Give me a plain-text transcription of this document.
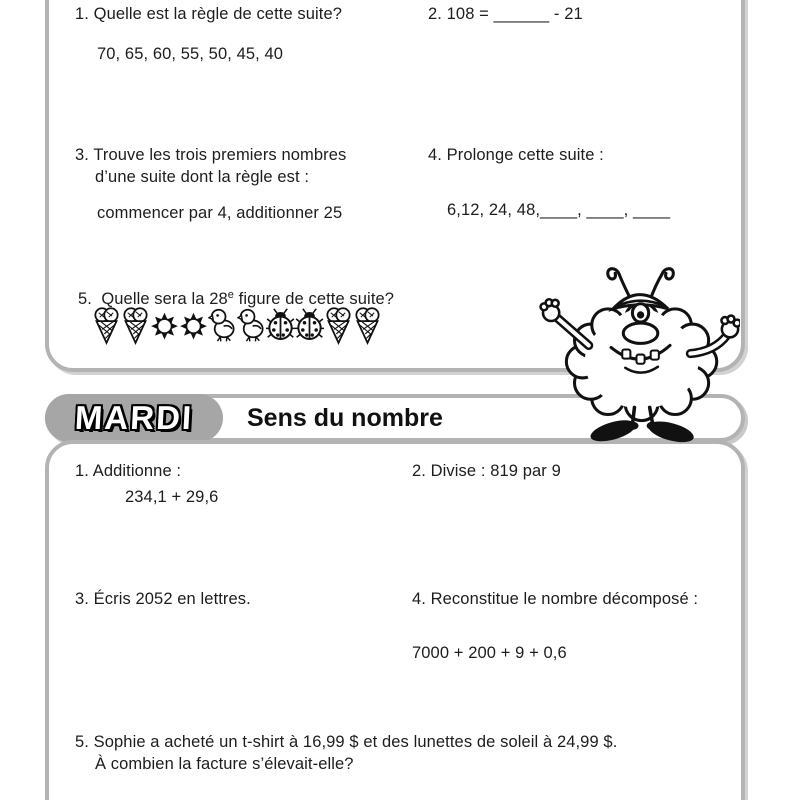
1. Quelle est la règle de cette suite?	2. 108 = ______ - 21
70, 65, 60, 55, 50, 45, 40
3. Trouve les trois premiers nombres
d’une suite dont la règle est :
commencer par 4, additionner 25
4. Prolonge cette suite :
6,12, 24, 48,____, ____, ____
5.  Quelle sera la 28e figure de cette suite?
MARDI Sens du nombre
1. Additionne :
234,1 + 29,6
2. Divise : 819 par 9
3. Écris 2052 en lettres.	4. Reconstitue le nombre décomposé :
7000 + 200 + 9 + 0,6
5. Sophie a acheté un t-shirt à 16,99 $ et des lunettes de soleil à 24,99 $.
À combien la facture s’élevait-elle?
